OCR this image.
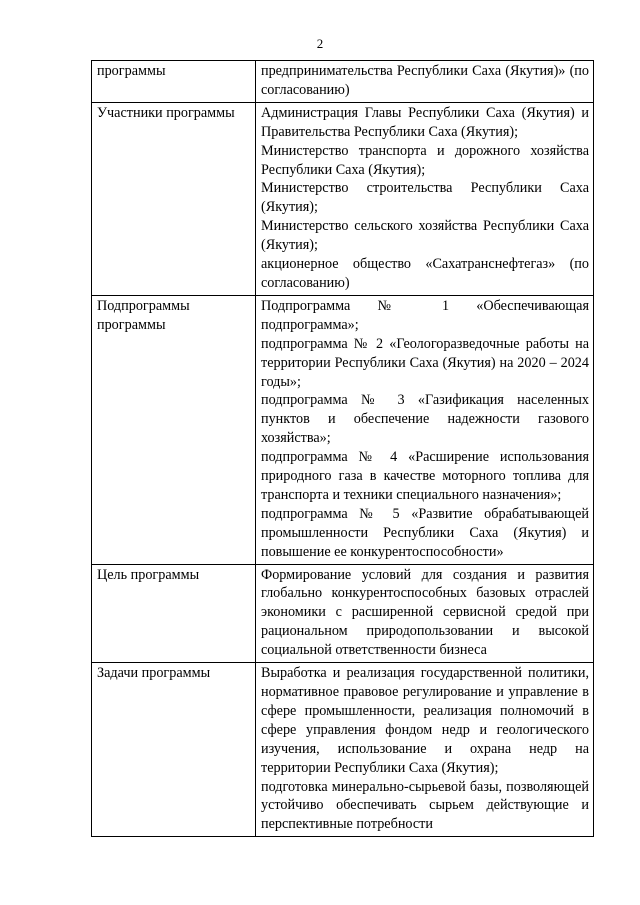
2
программы	предпринимательства Республики Саха (Якутия)» (по согласованию)

Участники программы	Администрация Главы Республики Саха (Якутия) и Правительства Республики Саха (Якутия);
Министерство транспорта и дорожного хозяйства Республики Саха (Якутия);
Министерство строительства Республики Саха (Якутия);
Министерство сельского хозяйства Республики Саха (Якутия);
акционерное общество «Сахатранснефтегаз» (по согласованию)

Подпрограммы программы	Подпрограмма № 1 «Обеспечивающая подпрограмма»;
подпрограмма № 2 «Геологоразведочные работы на территории Республики Саха (Якутия) на 2020 – 2024 годы»;
подпрограмма № 3 «Газификация населенных пунктов и обеспечение надежности газового хозяйства»;
подпрограмма № 4 «Расширение использования природного газа в качестве моторного топлива для транспорта и техники специального назначения»;
подпрограмма № 5 «Развитие обрабатывающей промышленности Республики Саха (Якутия) и повышение ее конкурентоспособности»

Цель программы	Формирование условий для создания и развития глобально конкурентоспособных базовых отраслей экономики с расширенной сервисной средой при рациональном природопользовании и высокой социальной ответственности бизнеса

Задачи программы	Выработка и реализация государственной политики, нормативное правовое регулирование и управление в сфере промышленности, реализация полномочий в сфере управления фондом недр и геологического изучения, использование и охрана недр на территории Республики Саха (Якутия);
подготовка минерально-сырьевой базы, позволяющей устойчиво обеспечивать сырьем действующие и перспективные потребности
